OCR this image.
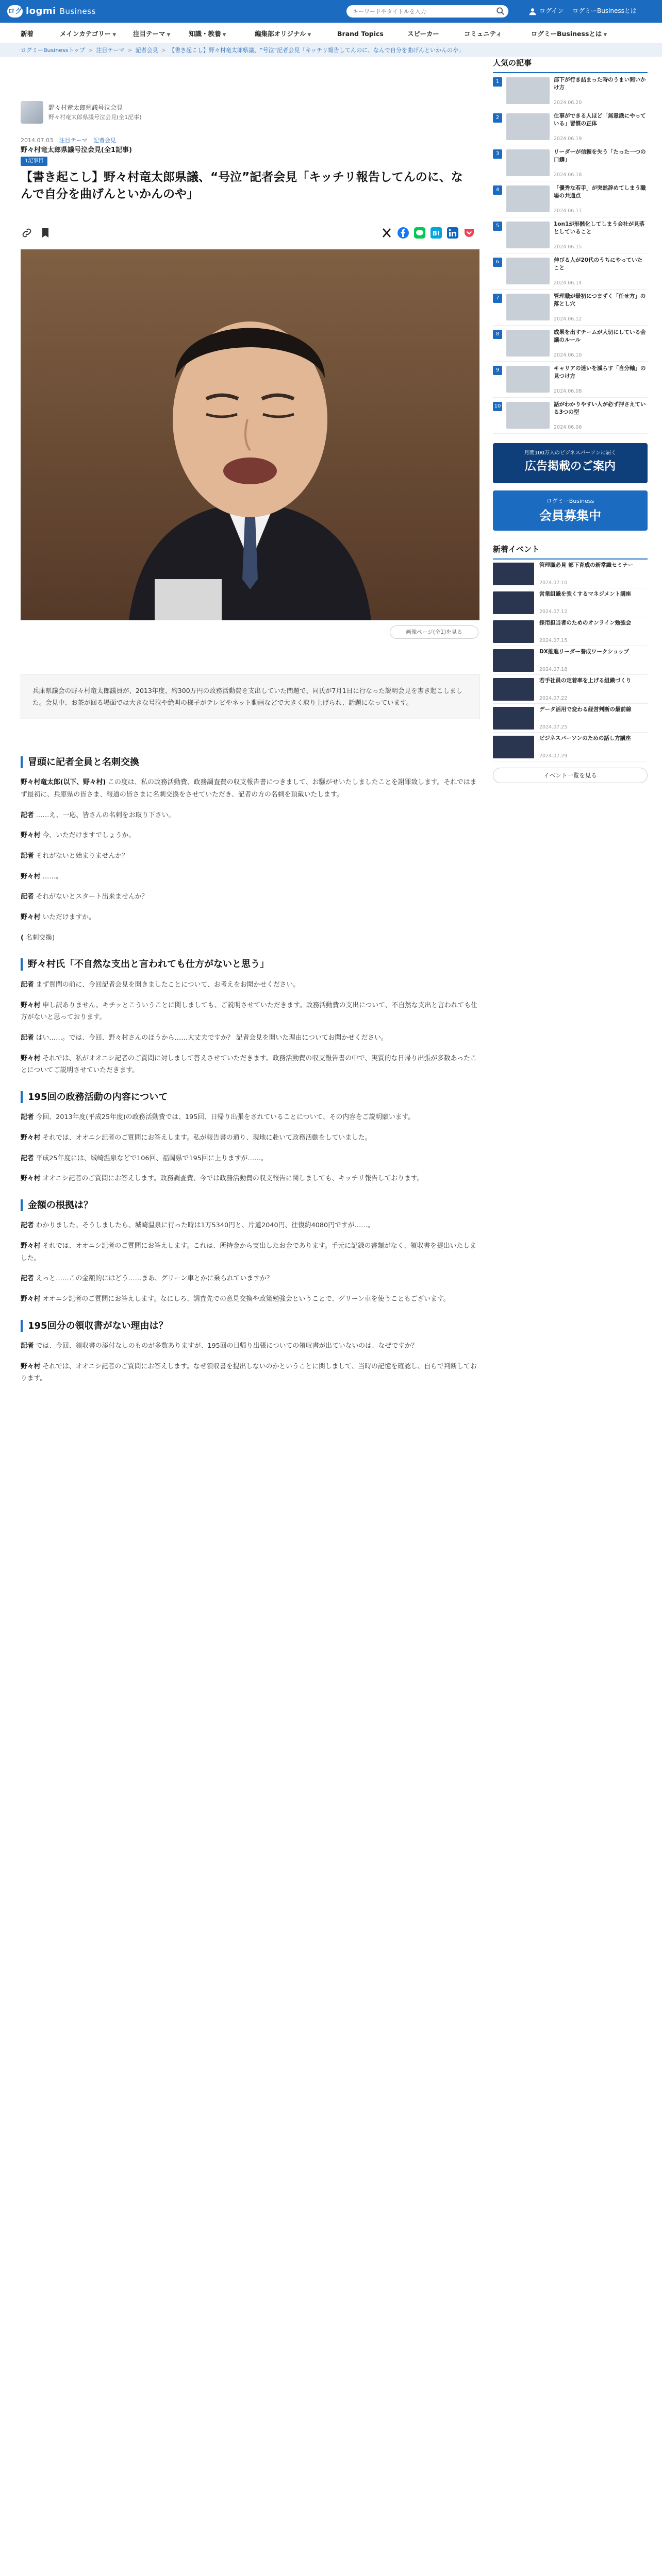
ログ logmi Business
キーワードやタイトルを入力	ログイン ログミーBusinessとは
新着	メインカテゴリー ▼	注目テーマ ▼	知識・教養 ▼	編集部オリジナル ▼	Brand Topics	スピーカー	コミュニティ	ログミーBusinessとは ▼
ログミーBusinessトップ > 注目テーマ > 記者会見 > 【書き起こし】野々村竜太郎県議、“号泣”記者会見「キッチリ報告してんのに、なんで自分を曲げんといかんのや」
野々村竜太郎県議号泣会見
野々村竜太郎県議号泣会見(全1記事)
2014.07.03 注目テーマ 記者会見
野々村竜太郎県議号泣会見(全1記事)
1記事目
【書き起こし】野々村竜太郎県議、“号泣”記者会見「キッチリ報告してんのに、なんで自分を曲げんといかんのや」
B!
画像ページ(全1)を見る
兵庫県議会の野々村竜太郎議員が、2013年度、約300万円の政務活動費を支出していた問題で、同氏が7月1日に行なった説明会見を書き起こしました。会見中、お茶が回る場面では大きな号泣や絶叫の様子がテレビやネット動画などで大きく取り上げられ、話題になっています。
冒頭に記者全員と名刺交換

野々村竜太郎(以下、野々村) この度は、私の政務活動費、政務調査費の収支報告書につきまして、お騒がせいたしましたことを謝罪致します。それではまず最初に、兵庫県の皆さま、報道の皆さまに名刺交換をさせていただき、記者の方の名刺を頂戴いたします。

記者 ……え、一応、皆さんの名刺をお取り下さい。

野々村 今、いただけますでしょうか。

記者 それがないと始まりませんか？

野々村 ……。

記者 それがないとスタート出来ませんか？

野々村 いただけますか。

( 名刺交換)

野々村氏「不自然な支出と言われても仕方がないと思う」

記者 まず質問の前に、今回記者会見を開きましたことについて、お考えをお聞かせください。

野々村 申し訳ありません。キチッとこういうことに関しましても、ご説明させていただきます。政務活動費の支出について、不自然な支出と言われても仕方がないと思っております。

記者 はい……。では、今回、野々村さんのほうから……大丈夫ですか？ 記者会見を開いた理由についてお聞かせください。

野々村 それでは、私がオオニシ記者のご質問に対しまして答えさせていただきます。政務活動費の収支報告書の中で、実質的な日帰り出張が多数あったことについてご説明させていただきます。

195回の政務活動の内容について

記者 今回、2013年度(平成25年度)の政務活動費では、195回、日帰り出張をされていることについて、その内容をご説明願います。

野々村 それでは、オオニシ記者のご質問にお答えします。私が報告書の通り、現地に赴いて政務活動をしていました。

記者 平成25年度には、城崎温泉などで106回、福岡県で195回に上りますが……。

野々村 オオニシ記者のご質問にお答えします。政務調査費、今では政務活動費の収支報告に関しましても、キッチリ報告しております。

金額の根拠は？

記者 わかりました。そうしましたら、城崎温泉に行った時は1万5340円と、片道2040円、往復約4080円ですが……。

野々村 それでは、オオニシ記者のご質問にお答えします。これは、所持金から支出したお金であります。手元に記録の書類がなく、領収書を提出いたしました。

記者 えっと……この金額的にはどう……まあ、グリーン車とかに乗られていますか？

野々村 オオニシ記者のご質問にお答えします。なにしろ、調査先での意見交換や政策勉強会ということで、グリーン車を使うこともございます。

195回分の領収書がない理由は？

記者 では、今回、領収書の添付なしのものが多数ありますが、195回の日帰り出張についての領収書が出ていないのは、なぜですか？

野々村 それでは、オオニシ記者のご質問にお答えします。なぜ領収書を提出しないのかということに関しまして、当時の記憶を確認し、自らで判断しております。

人気の記事
1	部下が行き詰まった時のうまい問いかけ方
2024.06.20
2	仕事ができる人ほど「無意識にやっている」習慣の正体
2024.06.19
3	リーダーが信頼を失う「たった一つの口癖」
2024.06.18
4	「優秀な若手」が突然辞めてしまう職場の共通点
2024.06.17
5	1on1が形骸化してしまう会社が見落としていること
2024.06.15
6	伸びる人が20代のうちにやっていたこと
2024.06.14
7	管理職が最初につまずく「任せ方」の落とし穴
2024.06.12
8	成果を出すチームが大切にしている会議のルール
2024.06.10
9	キャリアの迷いを減らす「自分軸」の見つけ方
2024.06.08
10	話がわかりやすい人が必ず押さえている3つの型
2024.06.06
月間100万人のビジネスパーソンに届く
広告掲載のご案内
ログミーBusiness
会員募集中
新着イベント
管理職必見 部下育成の新常識セミナー
2024.07.10
営業組織を強くするマネジメント講座
2024.07.12
採用担当者のためのオンライン勉強会
2024.07.15
DX推進リーダー養成ワークショップ
2024.07.18
若手社員の定着率を上げる組織づくり
2024.07.22
データ活用で変わる経営判断の最前線
2024.07.25
ビジネスパーソンのための話し方講座
2024.07.29
イベント一覧を見る
